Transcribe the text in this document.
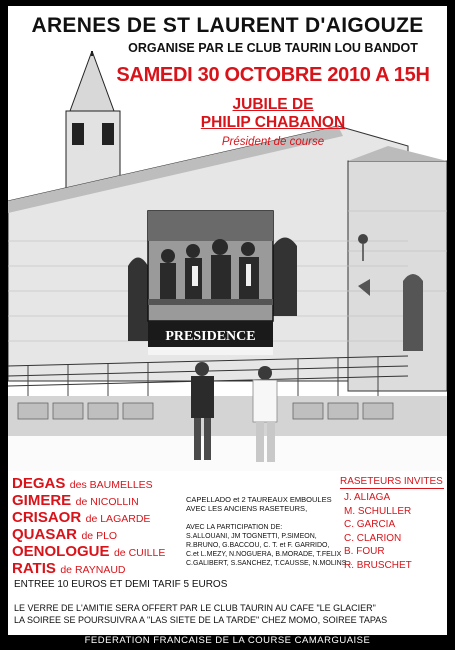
PRESIDENCE
ARENES DE ST LAURENT D'AIGOUZE
ORGANISE PAR LE CLUB TAURIN LOU BANDOT
SAMEDI 30 OCTOBRE 2010 A 15H
JUBILE DE
PHILIP CHABANON
Président de course
DEGAS des BAUMELLES
GIMERE de NICOLLIN
CRISAOR de LAGARDE
QUASAR de PLO
OENOLOGUE de CUILLE
RATIS de RAYNAUD
CAPELLADO et 2 TAUREAUX EMBOULES
AVEC LES ANCIENS RASETEURS,
AVEC LA PARTICIPATION DE:
S.ALLOUANI, JM TOGNETTI, P.SIMEON,
R.BRUNO, G.BACCOU, C. T. et F. GARRIDO,
C.et L.MEZY, N.NOGUERA, B.MORADE, T.FELIX
C.GALIBERT, S.SANCHEZ, T.CAUSSE, N.MOLINS...
RASETEURS INVITES
J. ALIAGA
M. SCHULLER
C. GARCIA
C. CLARION
B. FOUR
R. BRUSCHET
ENTREE 10 EUROS ET DEMI TARIF 5 EUROS
LE VERRE DE L'AMITIE SERA OFFERT PAR LE CLUB TAURIN AU CAFE "LE GLACIER"
LA SOIREE SE POURSUIVRA A "LAS SIETE DE LA TARDE" CHEZ MOMO, SOIREE TAPAS
FEDERATION FRANCAISE DE LA COURSE CAMARGUAISE
